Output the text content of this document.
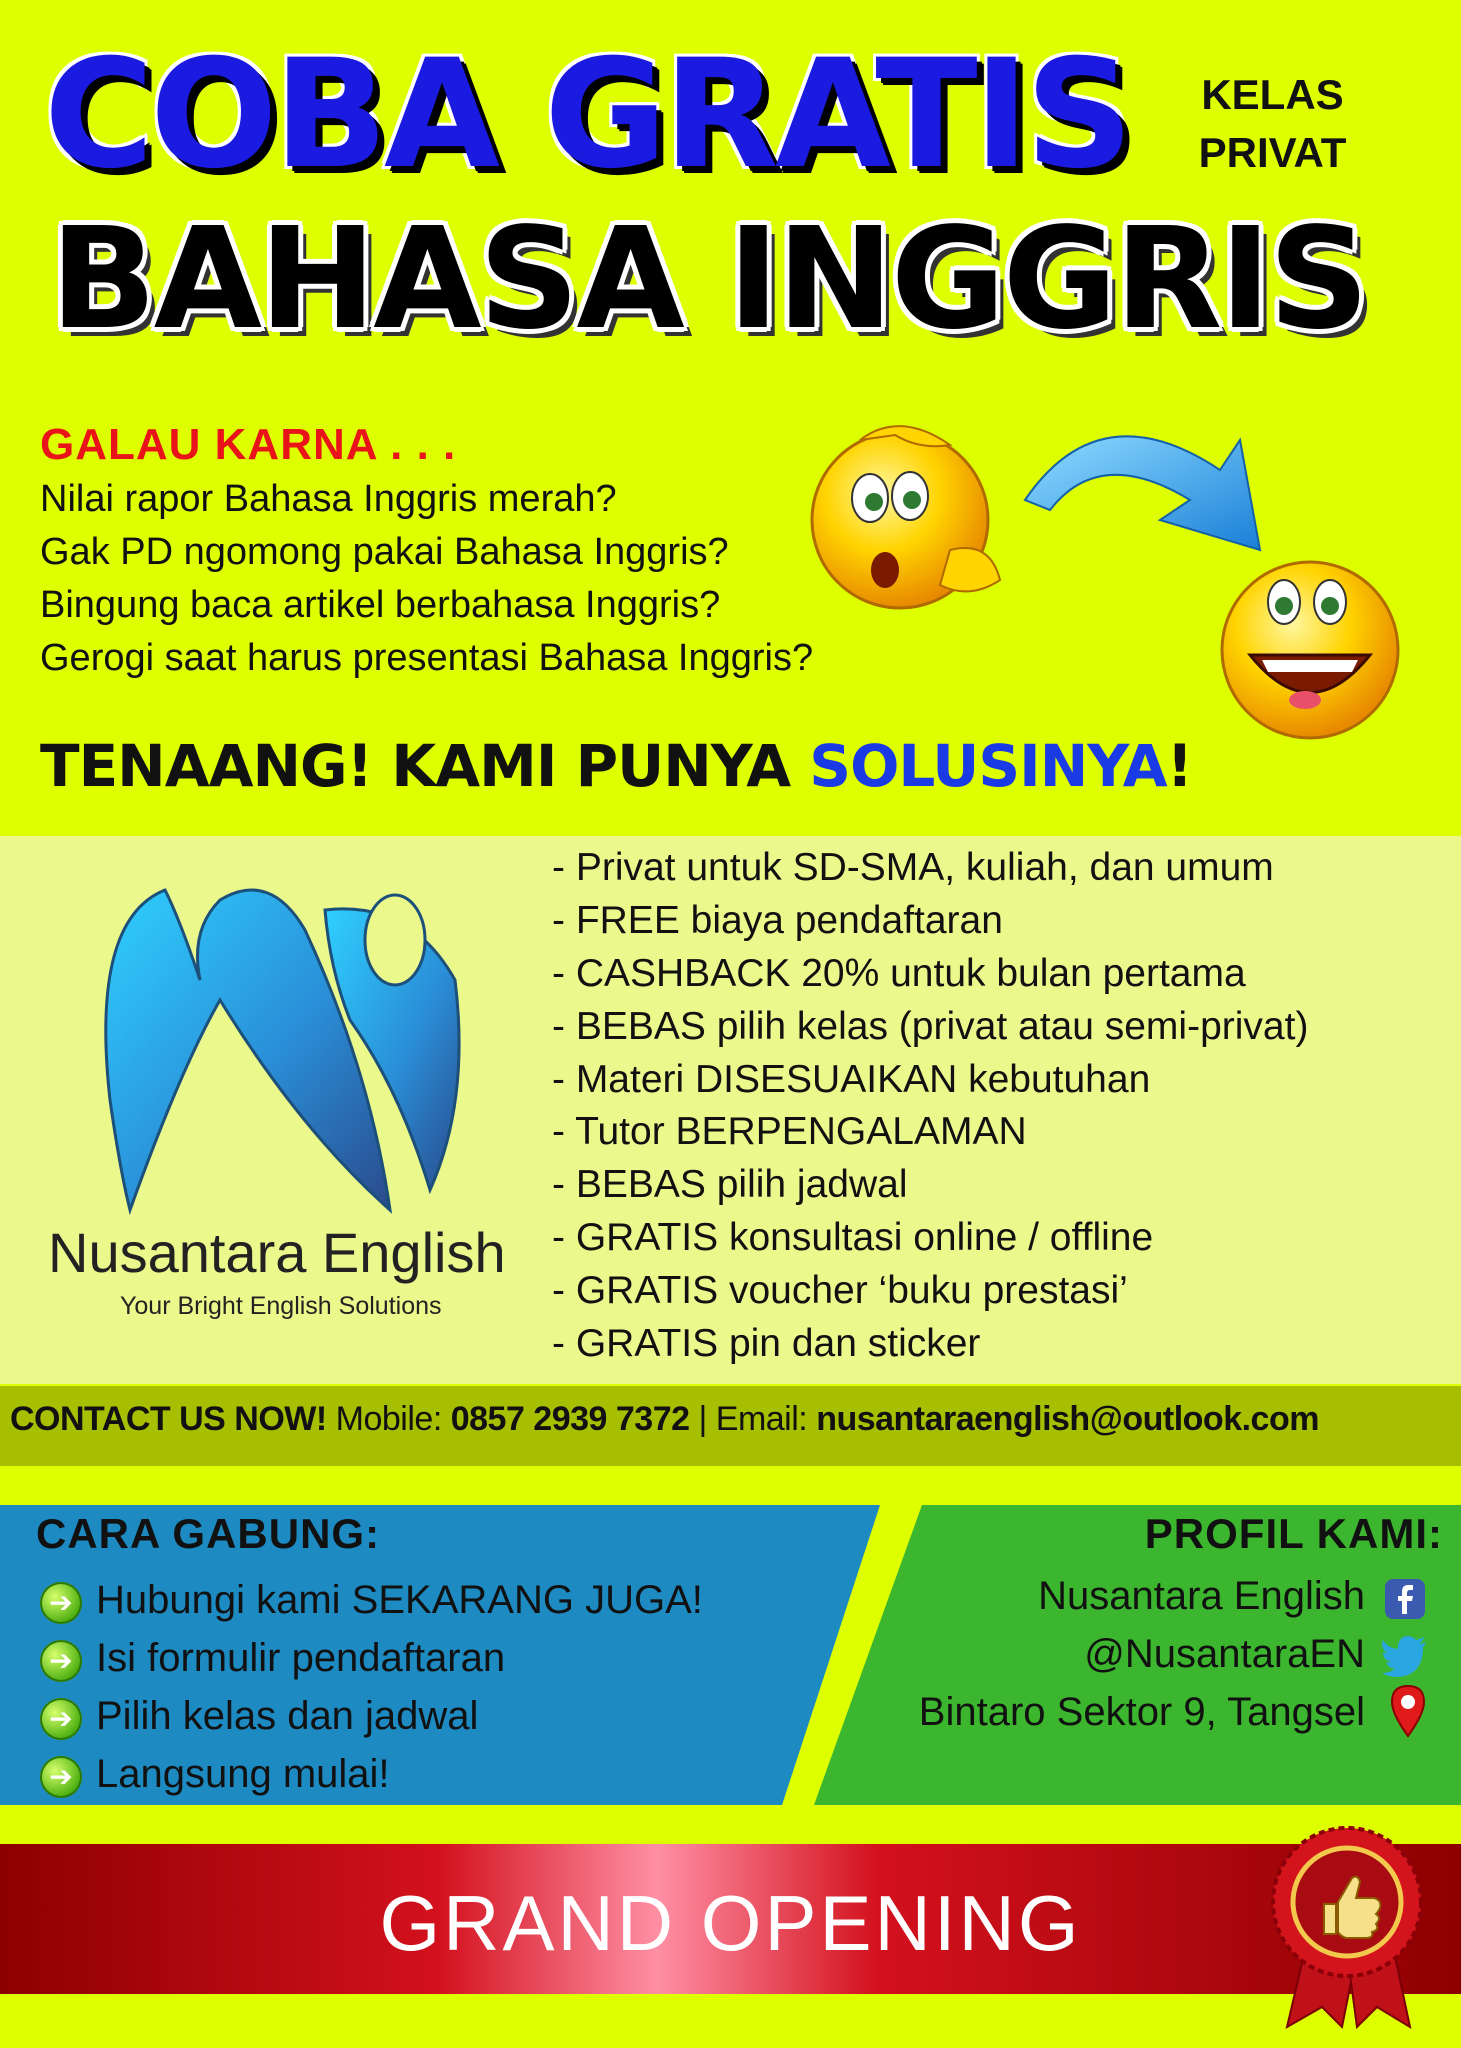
COBA GRATIS	KELAS
PRIVAT
BAHASA INGGRIS
GALAU KARNA . . .
Nilai rapor Bahasa Inggris merah?
Gak PD ngomong pakai Bahasa Inggris?
Bingung baca artikel berbahasa Inggris?
Gerogi saat harus presentasi Bahasa Inggris?
TENAANG! KAMI PUNYA SOLUSINYA!
Nusantara English
Your Bright English Solutions
- Privat untuk SD-SMA, kuliah, dan umum
- FREE biaya pendaftaran
- CASHBACK 20% untuk bulan pertama
- BEBAS pilih kelas (privat atau semi-privat)
- Materi DISESUAIKAN kebutuhan
- Tutor BERPENGALAMAN
- BEBAS pilih jadwal
- GRATIS konsultasi online / offline
- GRATIS voucher ‘buku prestasi’
- GRATIS pin dan sticker
CONTACT US NOW! Mobile: 0857 2939 7372 | Email: nusantaraenglish@outlook.com
CARA GABUNG:
➔ Hubungi kami SEKARANG JUGA!
➔ Isi formulir pendaftaran
➔ Pilih kelas dan jadwal
➔ Langsung mulai!
PROFIL KAMI:
Nusantara English
@NusantaraEN
Bintaro Sektor 9, Tangsel
GRAND OPENING
